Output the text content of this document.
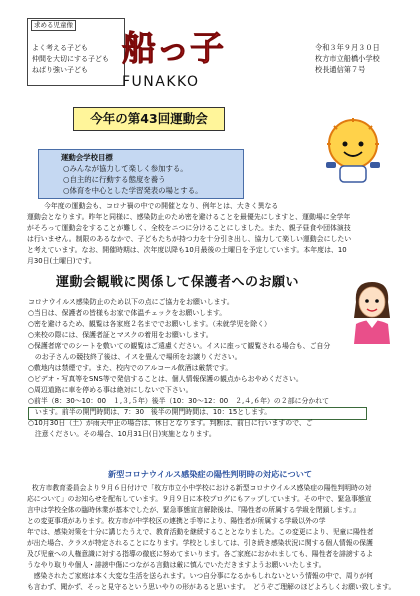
求める児童像
よく考える子ども
仲間を大切にする子ども
ねばり強い子ども
船っ子
FUNAKKO
令和３年９月３０日
枚方市立船橋小学校
校長通信第７号
今年の第43回運動会
運動会学校目標
○みんなが協力して楽しく参加する。
○自主的に行動する態度を養う
○体育を中心とした学習発表の場とする。
今年度の運動会も、コロナ禍の中での開催となり、例年とは、大きく異なる
運動会となります。昨年と同様に、感染防止のため密を避けることを最優先にしますと、運動場に全学年
がそろって運動会をすることが難しく、全校をニつに分けることにしました。また、親子昼食や団体演技
は行いません。制限のあるなかで、子どもたちが持つ力を十分引き出し、協力して楽しい運動会にしたい
と考えています。なお、開催時期は、次年度以降も10月最後の土曜日を予定しています。本年度は、10
月30日(土曜日)です。
運動会観戦に関係して保護者へのお願い
コロナウイルス感染防止のため以下の点にご協力をお願いします。
○当日は、保護者の皆様もお家で体温チェックをお願いします。
○密を避けるため、観覧は各家庭２名まででお願いします。（未就学児を除く）
○来校の際には、保護者証とマスクの着用をお願いします。
○保護者席でのシートを敷いての観覧はご遠慮ください。イスに座って観覧される場合も、ご自分
　のお子さんの競技終了後は、イスを畳んで場所をお譲りください。
○敷地内は禁煙です。また、校内でのアルコール飲酒は厳禁です。
○ビデオ・写真等をSNS等で発信することは、個人情報保護の観点からおやめください。
○周辺道路に車を停める事は絶対にしないで下さい。
○前半（8：30～10：00　１,３,５年）後半（10：30～12：00　２,４,６年）の２部に分かれて
　います。前半の開門時間は、7：30　後半の開門時間は、10：15とします。
○10月30日（土）が雨天中止の場合は、休日となります。判断は、前日に行いますので、ご
　注意ください。その場合、10月31日(日)実施となります。
新型コロナウイルス感染症の陽性判明時の対応について
枚方市教育委員会より９月６日付けで「枚方市立小中学校における新型コロナウイルス感染症の陽性判明時の対
応について」のお知らせを配布しています。９月９日に本校ブログにもアップしています。その中で、緊急事態宣
言中は学校全体の臨時休業が基本でしたが、緊急事態宣言解除後は、『陽性者の所属する学級を閉鎖します。』
との変更事項があります。枚方市が中学校区の連携と手等により、陽性者が所属する学級以外の学
年では、感染対策を十分に講じたうえで、教育活動を継続することとなりました。この変更により、児童に陽性者
が出た場合、クラスが特定されることになります。学校としましては、引き続き感染状況に関する個人情報の保護
及び児童への人権意識に対する指導の徹底に努めてまいります。各ご家庭におかれましても、陽性者を誹謗するよ
うなやり取りや個人・誹謗中傷につながる言動は厳に慎んでいただきますようお願いいたします。
　感染されたご家庭は本く大変な生活を送られます。いつ自分事になるかもしれないという情報の中で、周りが何
も言わず、聞かず、そっと見守るという思いやりの形があると思います。　どうぞご理解のほどよろしくお願い致します。
